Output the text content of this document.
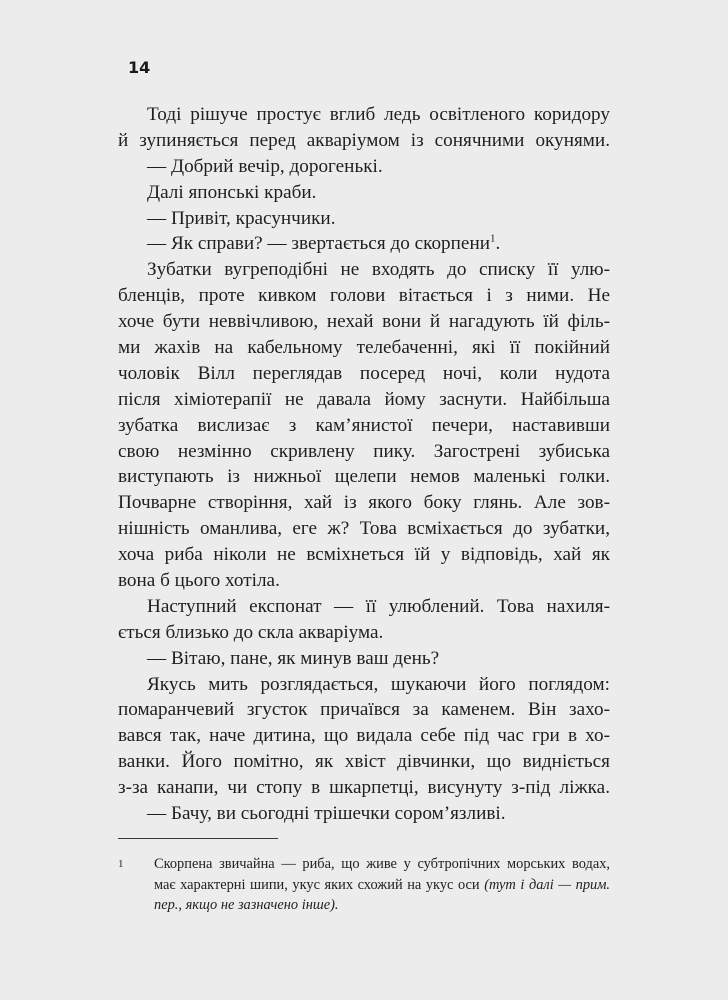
14
Тоді рішуче простує вглиб ледь освітленого коридору
й зупиняється перед акваріумом із сонячними окунями.
— Добрий вечір, дорогенькі.
Далі японські краби.
— Привіт, красунчики.
— Як справи? — звертається до скорпени$^1$.
Зубатки вугреподібні не входять до списку її улю-
бленців, проте кивком голови вітається і з ними. Не
хоче бути неввічливою, нехай вони й нагадують їй філь-
ми жахів на кабельному телебаченні, які її покійний
чоловік Вілл переглядав посеред ночі, коли нудота
після хіміотерапії не давала йому заснути. Найбільша
зубатка вислизає з кам’янистої печери, наставивши
свою незмінно скривлену пику. Загострені зубиська
виступають із нижньої щелепи немов маленькі голки.
Почварне створіння, хай із якого боку глянь. Але зов-
нішність оманлива, еге ж? Това всміхається до зубатки,
хоча риба ніколи не всміхнеться їй у відповідь, хай як
вона б цього хотіла.
Наступний експонат — її улюблений. Това нахиля-
ється близько до скла акваріума.
— Вітаю, пане, як минув ваш день?
Якусь мить розглядається, шукаючи його поглядом:
помаранчевий згусток причаївся за каменем. Він захо-
вався так, наче дитина, що видала себе під час гри в хо-
ванки. Його помітно, як хвіст дівчинки, що видніється
з-за канапи, чи стопу в шкарпетці, висунуту з-під ліжка.
— Бачу, ви сьогодні трішечки сором’язливі.
1 Скорпена звичайна — риба, що живе у субтропічних морських водах,
має характерні шипи, укус яких схожий на укус оси (тут і далі — прим.
пер., якщо не зазначено інше).
